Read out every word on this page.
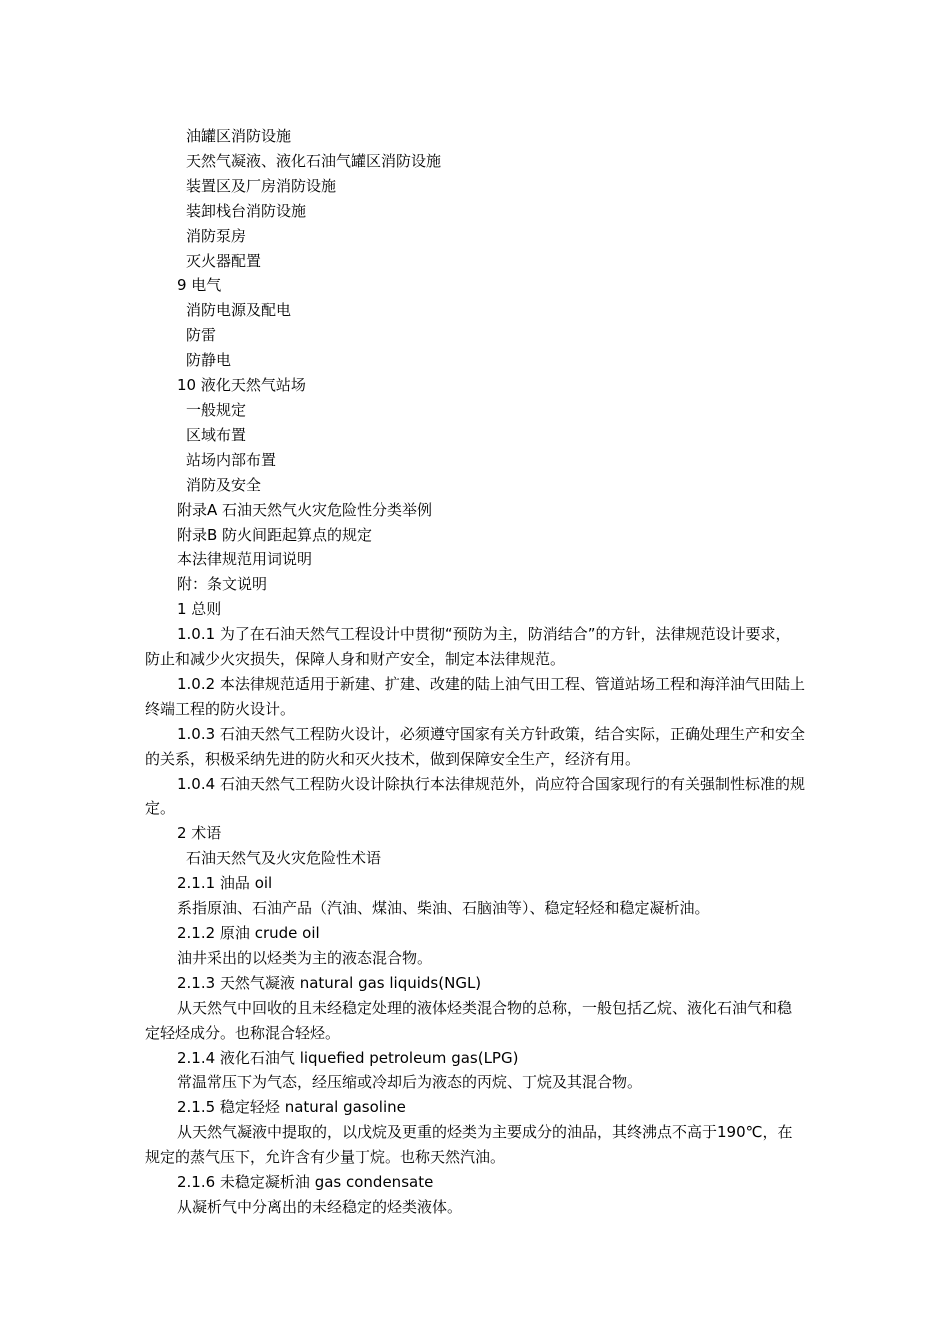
油罐区消防设施
天然气凝液、液化石油气罐区消防设施
装置区及厂房消防设施
装卸栈台消防设施
消防泵房
灭火器配置
9 电气
消防电源及配电
防雷
防静电
10 液化天然气站场
一般规定
区域布置
站场内部布置
消防及安全
附录A 石油天然气火灾危险性分类举例
附录B 防火间距起算点的规定
本法律规范用词说明
附：条文说明
1 总则
1.0.1 为了在石油天然气工程设计中贯彻“预防为主，防消结合”的方针，法律规范设计要求，防止和减少火灾损失，保障人身和财产安全，制定本法律规范。
1.0.2 本法律规范适用于新建、扩建、改建的陆上油气田工程、管道站场工程和海洋油气田陆上终端工程的防火设计。
1.0.3 石油天然气工程防火设计，必须遵守国家有关方针政策，结合实际，正确处理生产和安全的关系，积极采纳先进的防火和灭火技术，做到保障安全生产，经济有用。
1.0.4 石油天然气工程防火设计除执行本法律规范外，尚应符合国家现行的有关强制性标准的规定。
2 术语
石油天然气及火灾危险性术语
2.1.1 油品 oil
系指原油、石油产品（汽油、煤油、柴油、石脑油等）、稳定轻烃和稳定凝析油。
2.1.2 原油 crude oil
油井采出的以烃类为主的液态混合物。
2.1.3 天然气凝液 natural gas liquids(NGL)
从天然气中回收的且未经稳定处理的液体烃类混合物的总称，一般包括乙烷、液化石油气和稳定轻烃成分。也称混合轻烃。
2.1.4 液化石油气 liquefied petroleum gas(LPG)
常温常压下为气态，经压缩或冷却后为液态的丙烷、丁烷及其混合物。
2.1.5 稳定轻烃 natural gasoline
从天然气凝液中提取的，以戊烷及更重的烃类为主要成分的油品，其终沸点不高于190℃，在规定的蒸气压下，允许含有少量丁烷。也称天然汽油。
2.1.6 未稳定凝析油 gas condensate
从凝析气中分离出的未经稳定的烃类液体。
